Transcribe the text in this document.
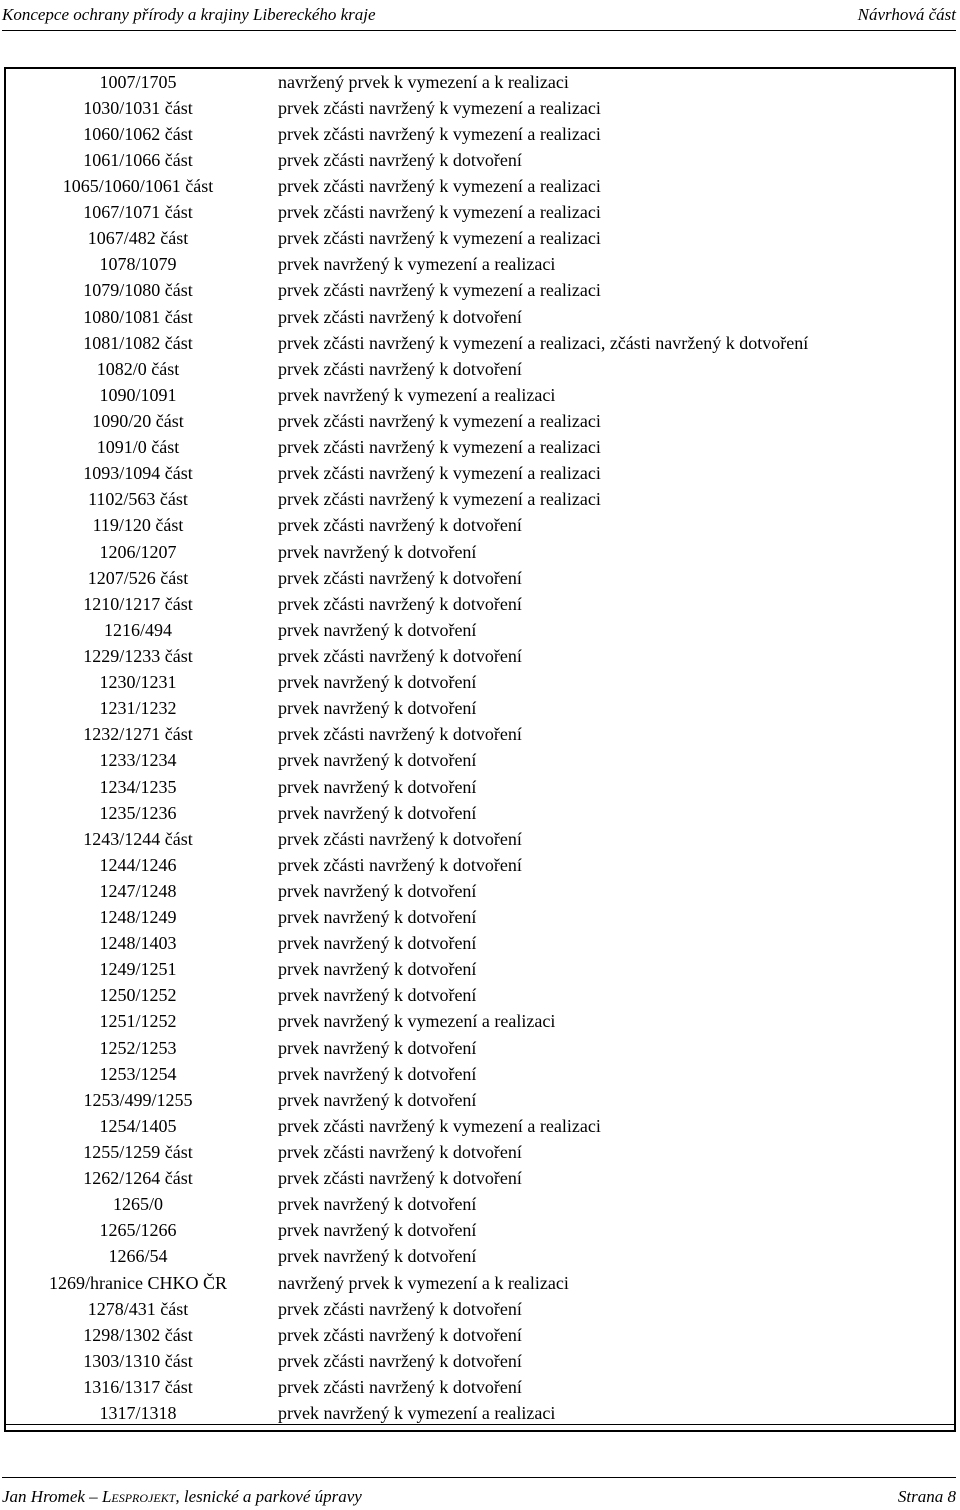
Koncepce ochrany přírody a krajiny Libereckého kraje	Návrhová část
1007/1705	navržený prvek k vymezení a k realizaci
1030/1031 část	prvek zčásti navržený k vymezení a realizaci
1060/1062 část	prvek zčásti navržený k vymezení a realizaci
1061/1066 část	prvek zčásti navržený k dotvoření
1065/1060/1061 část	prvek zčásti navržený k vymezení a realizaci
1067/1071 část	prvek zčásti navržený k vymezení a realizaci
1067/482 část	prvek zčásti navržený k vymezení a realizaci
1078/1079	prvek navržený k vymezení a realizaci
1079/1080 část	prvek zčásti navržený k vymezení a realizaci
1080/1081 část	prvek zčásti navržený k dotvoření
1081/1082 část	prvek zčásti navržený k vymezení a realizaci, zčásti navržený k dotvoření
1082/0 část	prvek zčásti navržený k dotvoření
1090/1091	prvek navržený k vymezení a realizaci
1090/20 část	prvek zčásti navržený k vymezení a realizaci
1091/0 část	prvek zčásti navržený k vymezení a realizaci
1093/1094 část	prvek zčásti navržený k vymezení a realizaci
1102/563 část	prvek zčásti navržený k vymezení a realizaci
119/120 část	prvek zčásti navržený k dotvoření
1206/1207	prvek navržený k dotvoření
1207/526 část	prvek zčásti navržený k dotvoření
1210/1217 část	prvek zčásti navržený k dotvoření
1216/494	prvek navržený k dotvoření
1229/1233 část	prvek zčásti navržený k dotvoření
1230/1231	prvek navržený k dotvoření
1231/1232	prvek navržený k dotvoření
1232/1271 část	prvek zčásti navržený k dotvoření
1233/1234	prvek navržený k dotvoření
1234/1235	prvek navržený k dotvoření
1235/1236	prvek navržený k dotvoření
1243/1244 část	prvek zčásti navržený k dotvoření
1244/1246	prvek zčásti navržený k dotvoření
1247/1248	prvek navržený k dotvoření
1248/1249	prvek navržený k dotvoření
1248/1403	prvek navržený k dotvoření
1249/1251	prvek navržený k dotvoření
1250/1252	prvek navržený k dotvoření
1251/1252	prvek navržený k vymezení a realizaci
1252/1253	prvek navržený k dotvoření
1253/1254	prvek navržený k dotvoření
1253/499/1255	prvek navržený k dotvoření
1254/1405	prvek zčásti navržený k vymezení a realizaci
1255/1259 část	prvek zčásti navržený k dotvoření
1262/1264 část	prvek zčásti navržený k dotvoření
1265/0	prvek navržený k dotvoření
1265/1266	prvek navržený k dotvoření
1266/54	prvek navržený k dotvoření
1269/hranice CHKO ČR	navržený prvek k vymezení a k realizaci
1278/431 část	prvek zčásti navržený k dotvoření
1298/1302 část	prvek zčásti navržený k dotvoření
1303/1310 část	prvek zčásti navržený k dotvoření
1316/1317 část	prvek zčásti navržený k dotvoření
1317/1318	prvek navržený k vymezení a realizaci
Jan Hromek – Lesprojekt, lesnické a parkové úpravy	Strana 8
